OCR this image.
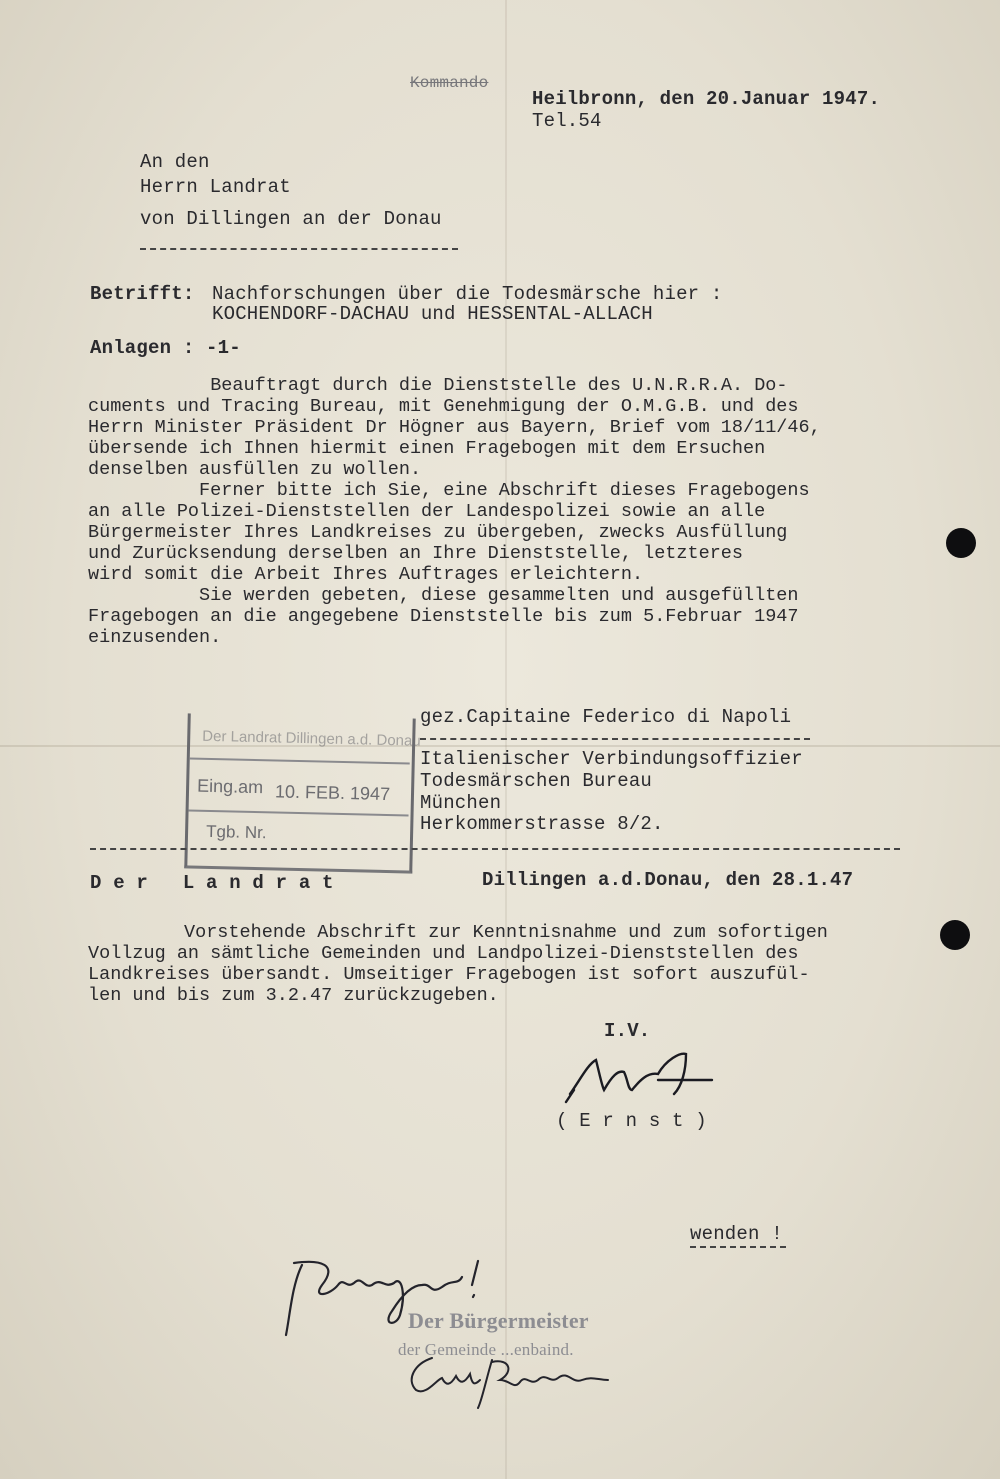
Kommando
Heilbronn, den 20.Januar 1947.
Tel.54
An den
Herrn Landrat
von Dillingen an der Donau
Betrifft: Nachforschungen über die Todesmärsche hier :
KOCHENDORF-DACHAU und HESSENTAL-ALLACH
Anlagen : -1-
Beauftragt durch die Dienststelle des U.N.R.R.A. Do-
cuments und Tracing Bureau, mit Genehmigung der O.M.G.B. und des
Herrn Minister Präsident Dr Högner aus Bayern, Brief vom 18/11/46,
übersende ich Ihnen hiermit einen Fragebogen mit dem Ersuchen
denselben ausfüllen zu wollen.
Ferner bitte ich Sie, eine Abschrift dieses Fragebogens
an alle Polizei-Dienststellen der Landespolizei sowie an alle
Bürgermeister Ihres Landkreises zu übergeben, zwecks Ausfüllung
und Zurücksendung derselben an Ihre Dienststelle, letzteres
wird somit die Arbeit Ihres Auftrages erleichtern.
Sie werden gebeten, diese gesammelten und ausgefüllten
Fragebogen an die angegebene Dienststelle bis zum 5.Februar 1947
einzusenden.
gez.Capitaine Federico di Napoli
Italienischer Verbindungsoffizier
Todesmärschen Bureau
München
Herkommerstrasse 8/2.
Der Landrat Dillingen a.d. Donau
Eing.am 10. FEB. 1947
Tgb. Nr.
D e r   L a n d r a t	Dillingen a.d.Donau, den 28.1.47
Vorstehende Abschrift zur Kenntnisnahme und zum sofortigen
Vollzug an sämtliche Gemeinden und Landpolizei-Dienststellen des
Landkreises übersandt. Umseitiger Fragebogen ist sofort auszufül-
len und bis zum 3.2.47 zurückzugeben.
I.V.
( E r n s t )
wenden !
Der Bürgermeister
der Gemeinde ...enbaind.
